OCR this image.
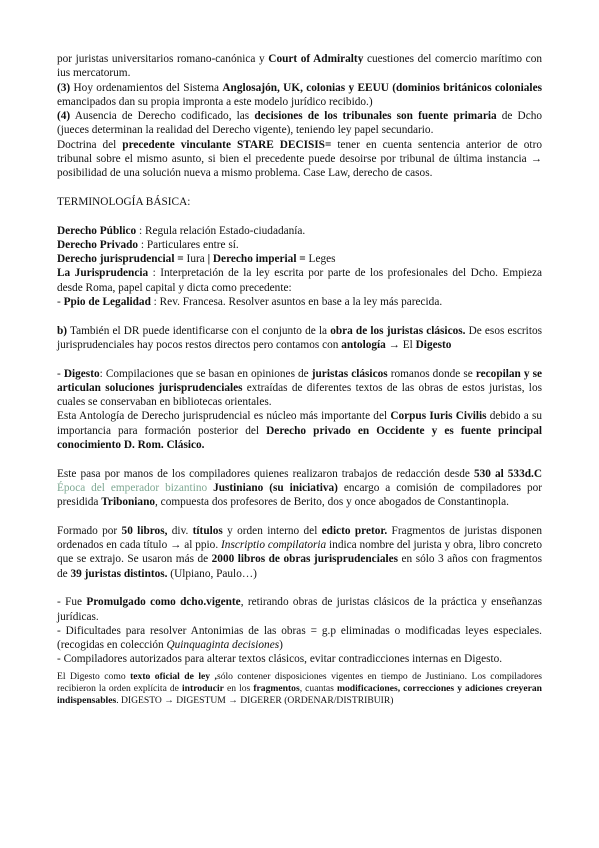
por juristas universitarios romano-canónica y Court of Admiralty cuestiones del comercio marítimo con ius mercatorum.

(3) Hoy ordenamientos del Sistema Anglosajón, UK, colonias y EEUU (dominios británicos coloniales emancipados dan su propia impronta a este modelo jurídico recibido.)

(4) Ausencia de Derecho codificado, las decisiones de los tribunales son fuente primaria de Dcho (jueces determinan la realidad del Derecho vigente), teniendo ley papel secundario.

Doctrina del precedente vinculante STARE DECISIS= tener en cuenta sentencia anterior de otro tribunal sobre el mismo asunto, si bien el precedente puede desoirse por tribunal de última instancia → posibilidad de una solución nueva a mismo problema. Case Law, derecho de casos.

TERMINOLOGÍA BÁSICA:

Derecho Público : Regula relación Estado-ciudadanía.

Derecho Privado : Particulares entre sí.

Derecho jurisprudencial = Iura | Derecho imperial = Leges

La Jurisprudencia : Interpretación de la ley escrita por parte de los profesionales del Dcho. Empieza desde Roma, papel capital y dicta como precedente:

- Ppio de Legalidad : Rev. Francesa. Resolver asuntos en base a la ley más parecida.

b) También el DR puede identificarse con el conjunto de la obra de los juristas clásicos. De esos escritos jurisprudenciales hay pocos restos directos pero contamos con antología → El Digesto

- Digesto: Compilaciones que se basan en opiniones de juristas clásicos romanos donde se recopilan y se articulan soluciones jurisprudenciales extraídas de diferentes textos de las obras de estos juristas, los cuales se conservaban en bibliotecas orientales.

Esta Antología de Derecho jurisprudencial es núcleo más importante del Corpus Iuris Civilis debido a su importancia para formación posterior del Derecho privado en Occidente y es fuente principal conocimiento D. Rom. Clásico.

Este pasa por manos de los compiladores quienes realizaron trabajos de redacción desde 530 al 533d.C Época del emperador bizantino Justiniano (su iniciativa) encargo a comisión de compiladores por presidida Triboniano, compuesta dos profesores de Berito, dos y once abogados de Constantinopla.

Formado por 50 libros, div. títulos y orden interno del edicto pretor. Fragmentos de juristas disponen ordenados en cada título → al ppio. Inscriptio compilatoria indica nombre del jurista y obra, libro concreto que se extrajo. Se usaron más de 2000 libros de obras jurisprudenciales en sólo 3 años con fragmentos de 39 juristas distintos. (Ulpiano, Paulo…)

- Fue Promulgado como dcho.vigente, retirando obras de juristas clásicos de la práctica y enseñanzas jurídicas.

- Dificultades para resolver Antonimias de las obras = g.p eliminadas o modificadas leyes especiales. (recogidas en colección Quinquaginta decisiones)

- Compiladores autorizados para alterar textos clásicos, evitar contradicciones internas en Digesto.

El Digesto como texto oficial de ley ,sólo contener disposiciones vigentes en tiempo de Justiniano. Los compiladores recibieron la orden explícita de introducir en los fragmentos, cuantas modificaciones, correcciones y adiciones creyeran indispensables. DIGESTO → DIGESTUM → DIGERER (ORDENAR/DISTRIBUIR)
